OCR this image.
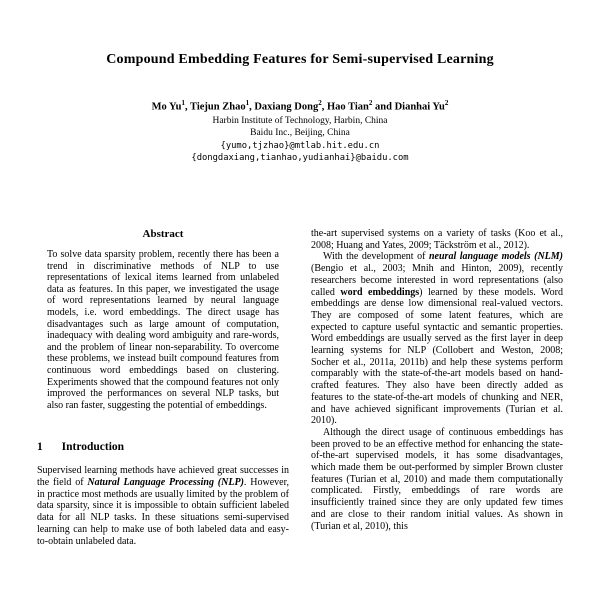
Compound Embedding Features for Semi-supervised Learning
Mo Yu$^1$, Tiejun Zhao$^1$, Daxiang Dong$^2$, Hao Tian$^2$ and Dianhai Yu$^2$
Harbin Institute of Technology, Harbin, China
Baidu Inc., Beijing, China
{yumo,tjzhao}@mtlab.hit.edu.cn
{dongdaxiang,tianhao,yudianhai}@baidu.com
Abstract

To solve data sparsity problem, recently there has been a trend in discriminative methods of NLP to use representations of lexical items learned from unlabeled data as features. In this paper, we investigated the usage of word representations learned by neural language models, i.e. word embeddings. The direct usage has disadvantages such as large amount of computation, inadequacy with dealing word ambiguity and rare-words, and the problem of linear non-separability. To overcome these problems, we instead built compound features from continuous word embeddings based on clustering. Experiments showed that the compound features not only improved the performances on several NLP tasks, but also ran faster, suggesting the potential of embeddings.

1 Introduction

Supervised learning methods have achieved great successes in the field of Natural Language Processing (NLP). However, in practice most methods are usually limited by the problem of data sparsity, since it is impossible to obtain sufficient labeled data for all NLP tasks. In these situations semi-supervised learning can help to make use of both labeled data and easy-to-obtain unlabeled data.

the-art supervised systems on a variety of tasks (Koo et al., 2008; Huang and Yates, 2009; Täckström et al., 2012).

With the development of neural language models (NLM) (Bengio et al., 2003; Mnih and Hinton, 2009), recently researchers become interested in word representations (also called word embeddings) learned by these models. Word embeddings are dense low dimensional real-valued vectors. They are composed of some latent features, which are expected to capture useful syntactic and semantic properties. Word embeddings are usually served as the first layer in deep learning systems for NLP (Collobert and Weston, 2008; Socher et al., 2011a, 2011b) and help these systems perform comparably with the state-of-the-art models based on hand-crafted features. They also have been directly added as features to the state-of-the-art models of chunking and NER, and have achieved significant improvements (Turian et al. 2010).

Although the direct usage of continuous embeddings has been proved to be an effective method for enhancing the state-of-the-art supervised models, it has some disadvantages, which made them be out-performed by simpler Brown cluster features (Turian et al, 2010) and made them computationally complicated. Firstly, embeddings of rare words are insufficiently trained since they are only updated few times and are close to their random initial values. As shown in (Turian et al, 2010), this
